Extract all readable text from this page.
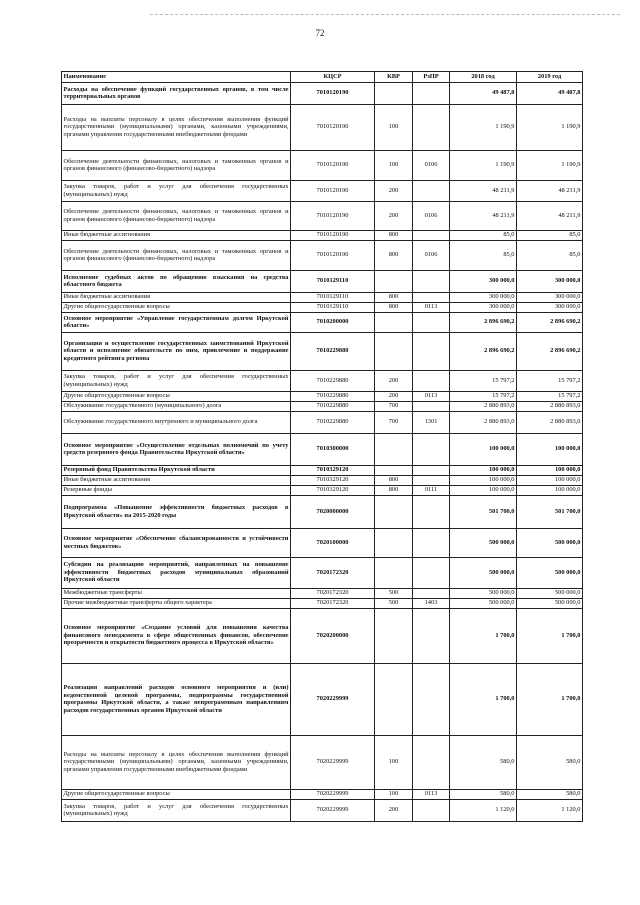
72
Наименование	КЦСР	КВР	РзПР	2018 год	2019 год
Расходы на обеспечение функций государственных органов, в том числе территориальных органов	7010120190			49 487,8	49 487,8
Расходы на выплаты персоналу в целях обеспечения выполнения функций государственными (муниципальными) органами, казенными учреждениями, органами управления государственными внебюджетными фондами	7010120190	100		1 190,9	1 190,9
Обеспечение деятельности финансовых, налоговых и таможенных органов и органов финансового (финансово-бюджетного) надзора	7010120190	100	0106	1 190,9	1 190,9
Закупка товаров, работ и услуг для обеспечения государственных (муниципальных) нужд	7010120190	200		48 211,9	48 211,9
Обеспечение деятельности финансовых, налоговых и таможенных органов и органов финансового (финансово-бюджетного) надзора	7010120190	200	0106	48 211,9	48 211,9
Иные бюджетные ассигнования	7010120190	800		85,0	85,0
Обеспечение деятельности финансовых, налоговых и таможенных органов и органов финансового (финансово-бюджетного) надзора	7010120190	800	0106	85,0	85,0
Исполнение судебных актов по обращению взыскания на средства областного бюджета	7010129110			300 000,0	300 000,0
Иные бюджетные ассигнования	7010129110	800		300 000,0	300 000,0
Другие общегосударственные вопросы	7010129110	800	0113	300 000,0	300 000,0
Основное мероприятие «Управление государственным долгом Иркутской области»	7010200000			2 896 690,2	2 896 690,2
Организация и осуществление государственных заимствований Иркутской области и исполнение обязательств по ним, привлечение и поддержание кредитного рейтинга региона	7010229880			2 896 690,2	2 896 690,2
Закупка товаров, работ и услуг для обеспечения государственных (муниципальных) нужд	7010229880	200		15 797,2	15 797,2
Другие общегосударственные вопросы	7010229880	200	0113	15 797,2	15 797,2
Обслуживание государственного (муниципального) долга	7010229880	700		2 880 893,0	2 880 893,0
Обслуживание государственного внутреннего и муниципального долга	7010229880	700	1301	2 880 893,0	2 880 893,0
Основное мероприятие «Осуществление отдельных полномочий по учету средств резервного фонда Правительства Иркутской области»	7010300000			100 000,0	100 000,0
Резервный фонд Правительства Иркутской области	7010329120			100 000,0	100 000,0
Иные бюджетные ассигнования	7010329120	800		100 000,0	100 000,0
Резервные фонды	7010329120	800	0111	100 000,0	100 000,0
Подпрограмма «Повышение эффективности бюджетных расходов в Иркутской области» на 2015-2020 годы	7020000000			501 700,0	501 700,0
Основное мероприятие «Обеспечение сбалансированности и устойчивости местных бюджетов»	7020100000			500 000,0	500 000,0
Субсидии на реализацию мероприятий, направленных на повышение эффективности бюджетных расходов муниципальных образований Иркутской области	7020172320			500 000,0	500 000,0
Межбюджетные трансферты	7020172320	500		500 000,0	500 000,0
Прочие межбюджетные трансферты общего характера	7020172320	500	1403	500 000,0	500 000,0
Основное мероприятие «Создание условий для повышения качества финансового менеджмента в сфере общественных финансов, обеспечение прозрачности и открытости бюджетного процесса в Иркутской области»	7020200000			1 700,0	1 700,0
Реализация направлений расходов основного мероприятия и (или) ведомственной целевой программы, подпрограммы государственной программы Иркутской области, а также непрограммным направлениям расходов государственных органов Иркутской области	7020229999			1 700,0	1 700,0
Расходы на выплаты персоналу в целях обеспечения выполнения функций государственными (муниципальными) органами, казенными учреждениями, органами управления государственными внебюджетными фондами	7020229999	100		580,0	580,0
Другие общегосударственные вопросы	7020229999	100	0113	580,0	580,0
Закупка товаров, работ и услуг для обеспечения государственных (муниципальных) нужд	7020229999	200		1 120,0	1 120,0
